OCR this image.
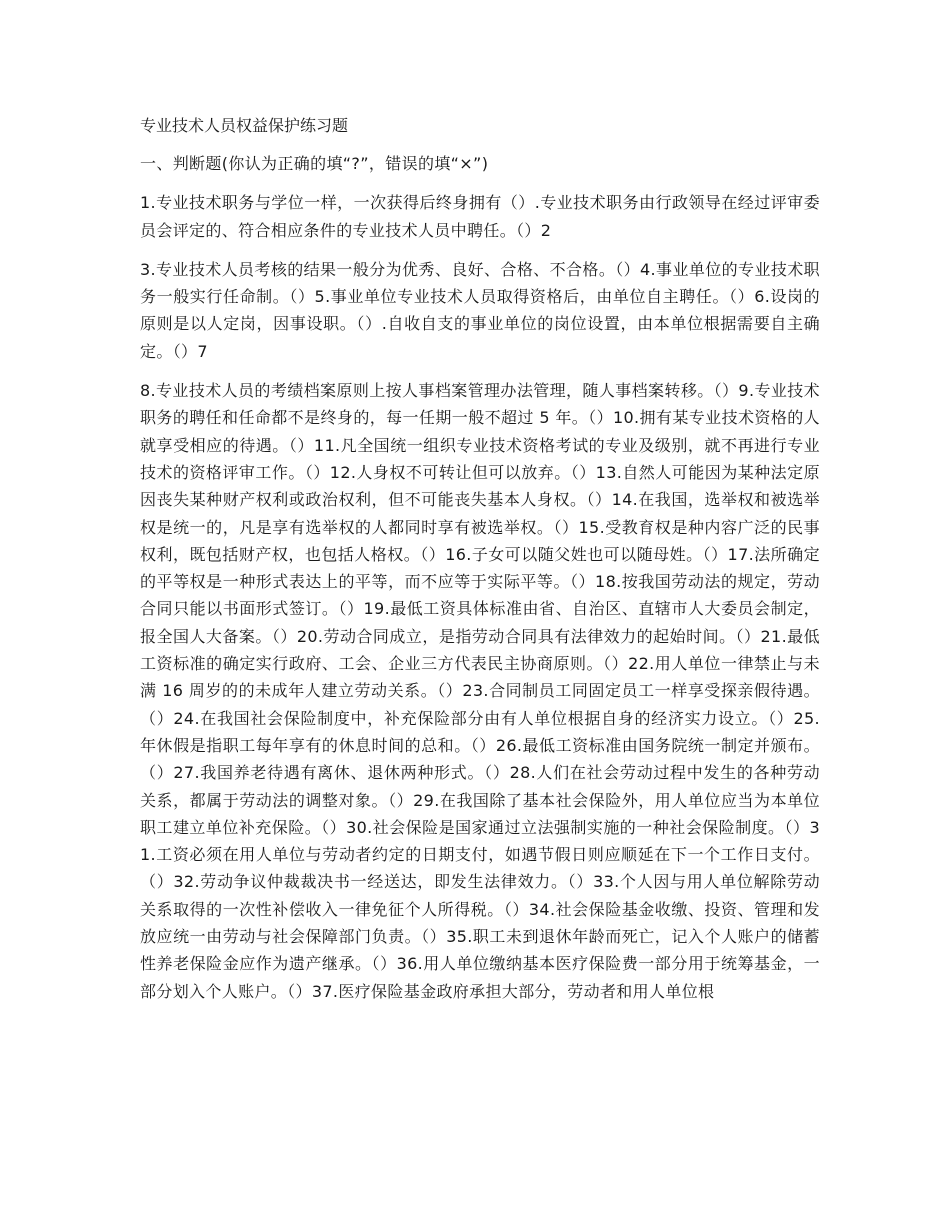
专业技术人员权益保护练习题

一、判断题(你认为正确的填“?”，错误的填“×”)

1.专业技术职务与学位一样，一次获得后终身拥有（）.专业技术职务由行政领导在经过评审委员会评定的、符合相应条件的专业技术人员中聘任。（）2

3.专业技术人员考核的结果一般分为优秀、良好、合格、不合格。（）4.事业单位的专业技术职务一般实行任命制。（）5.事业单位专业技术人员取得资格后，由单位自主聘任。（）6.设岗的原则是以人定岗，因事设职。（）.自收自支的事业单位的岗位设置，由本单位根据需要自主确定。（）7

8.专业技术人员的考绩档案原则上按人事档案管理办法管理，随人事档案转移。（）9.专业技术职务的聘任和任命都不是终身的，每一任期一般不超过 5 年。（）10.拥有某专业技术资格的人就享受相应的待遇。（）11.凡全国统一组织专业技术资格考试的专业及级别，就不再进行专业技术的资格评审工作。（）12.人身权不可转让但可以放弃。（）13.自然人可能因为某种法定原因丧失某种财产权利或政治权利，但不可能丧失基本人身权。（）14.在我国，选举权和被选举权是统一的，凡是享有选举权的人都同时享有被选举权。（）15.受教育权是种内容广泛的民事权利，既包括财产权，也包括人格权。（）16.子女可以随父姓也可以随母姓。（）17.法所确定的平等权是一种形式表达上的平等，而不应等于实际平等。（）18.按我国劳动法的规定，劳动合同只能以书面形式签订。（）19.最低工资具体标准由省、自治区、直辖市人大委员会制定，报全国人大备案。（）20.劳动合同成立，是指劳动合同具有法律效力的起始时间。（）21.最低工资标准的确定实行政府、工会、企业三方代表民主协商原则。（）22.用人单位一律禁止与未满 16 周岁的的未成年人建立劳动关系。（）23.合同制员工同固定员工一样享受探亲假待遇。（）24.在我国社会保险制度中，补充保险部分由有人单位根据自身的经济实力设立。（）25.年休假是指职工每年享有的休息时间的总和。（）26.最低工资标准由国务院统一制定并颁布。（）27.我国养老待遇有离休、退休两种形式。（）28.人们在社会劳动过程中发生的各种劳动关系，都属于劳动法的调整对象。（）29.在我国除了基本社会保险外，用人单位应当为本单位职工建立单位补充保险。（）30.社会保险是国家通过立法强制实施的一种社会保险制度。（）31.工资必须在用人单位与劳动者约定的日期支付，如遇节假日则应顺延在下一个工作日支付。（）32.劳动争议仲裁裁决书一经送达，即发生法律效力。（）33.个人因与用人单位解除劳动关系取得的一次性补偿收入一律免征个人所得税。（）34.社会保险基金收缴、投资、管理和发放应统一由劳动与社会保障部门负责。（）35.职工未到退休年龄而死亡，记入个人账户的储蓄性养老保险金应作为遗产继承。（）36.用人单位缴纳基本医疗保险费一部分用于统筹基金，一部分划入个人账户。（）37.医疗保险基金政府承担大部分，劳动者和用人单位根
